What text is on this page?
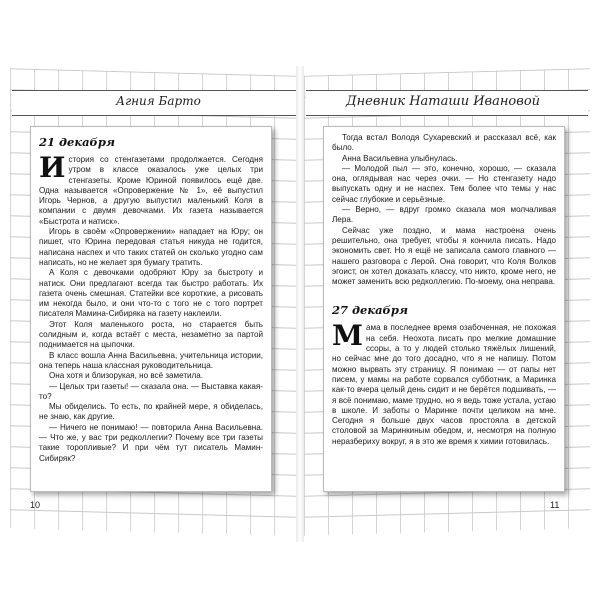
Агния Барто	Дневник Наташи Ивановой
21 декабря

История со стенгазетами продолжается. Сегодня утром в классе оказалось уже целых три стенгазеты. Кроме Юриной появилось ещё две. Одна называется «Опровержение № 1», её выпустил Игорь Чернов, а другую выпустил маленький Коля в компании с двумя девочками. Их газета называется «Быстрота и натиск».

Игорь в своём «Опровержении» нападает на Юру; он пишет, что Юрина передовая статья никуда не годится, написана наспех и что таких статей он сколько угодно сам написать, но не желает зря бумагу тратить.

А Коля с девочками одобряют Юру за быстроту и натиск. Они предлагают всегда так быстро работать. Их газета очень смешная. Статейки все короткие, а рисовать им некогда было, и они что-то с того не с того портрет писателя Мамина-Сибиряка на газету наклеили.

Этот Коля маленького роста, но старается быть солидным и, когда встаёт с места, незаметно за партой поднимается на цыпочки.

В класс вошла Анна Васильевна, учительница истории, она теперь наша классная руководительница.

Она хотя и близорукая, но всё заметила.

— Целых три газеты! — сказала она. — Выставка какая-то?

Мы обиделись. То есть, по крайней мере, я обиделась, не знаю, как другие.

— Ничего не понимаю! — повторила Анна Васильевна. — Что же, у вас три редколлегии? Почему все три газеты такие торопливые? И при чём тут писатель Мамин-Сибиряк?

Тогда встал Володя Сухаревский и рассказал всё, как было.

Анна Васильевна улыбнулась.

— Молодой пыл — это, конечно, хорошо, — сказала она, оглядывая нас через очки. — Но стенгазету надо выпускать одну и не наспех. Тем более что темы у нас сейчас глубокие и серьёзные.

— Верно, — вдруг громко сказала моя молчаливая Лера.

Сейчас уже поздно, и мама настроена очень решительно, она требует, чтобы я кончила писать. Надо экономить свет. Но я ещё не записала самого главного — нашего разговора с Лерой. Она говорит, что Коля Волков эгоист, он хотел доказать классу, что никто, кроме него, не может заменить всю редколлегию. По-моему, она неправа.

27 декабря

Мама в последнее время озабоченная, не похожая на себя. Неохота писать про мелкие домашние ссоры, а то у людей столько тяжёлых лишений, но сейчас мне до того досадно, что я не напишу. Потом можно вырвать эту страницу. Я понимаю — от папы нет писем, у мамы на работе сорвался субботник, а Маринка как-то вчера целый день сидит и не берётся подшивать, — я всё понимаю, маме трудно, но я ведь тоже устала, устаю в школе. И заботы о Маринке почти целиком на мне. Сегодня я больше двух часов простояла в детской столовой за Маринкиным обедом, и, несмотря на полную неразбериху вокруг, я в это же время к химии готовилась.

10	11
